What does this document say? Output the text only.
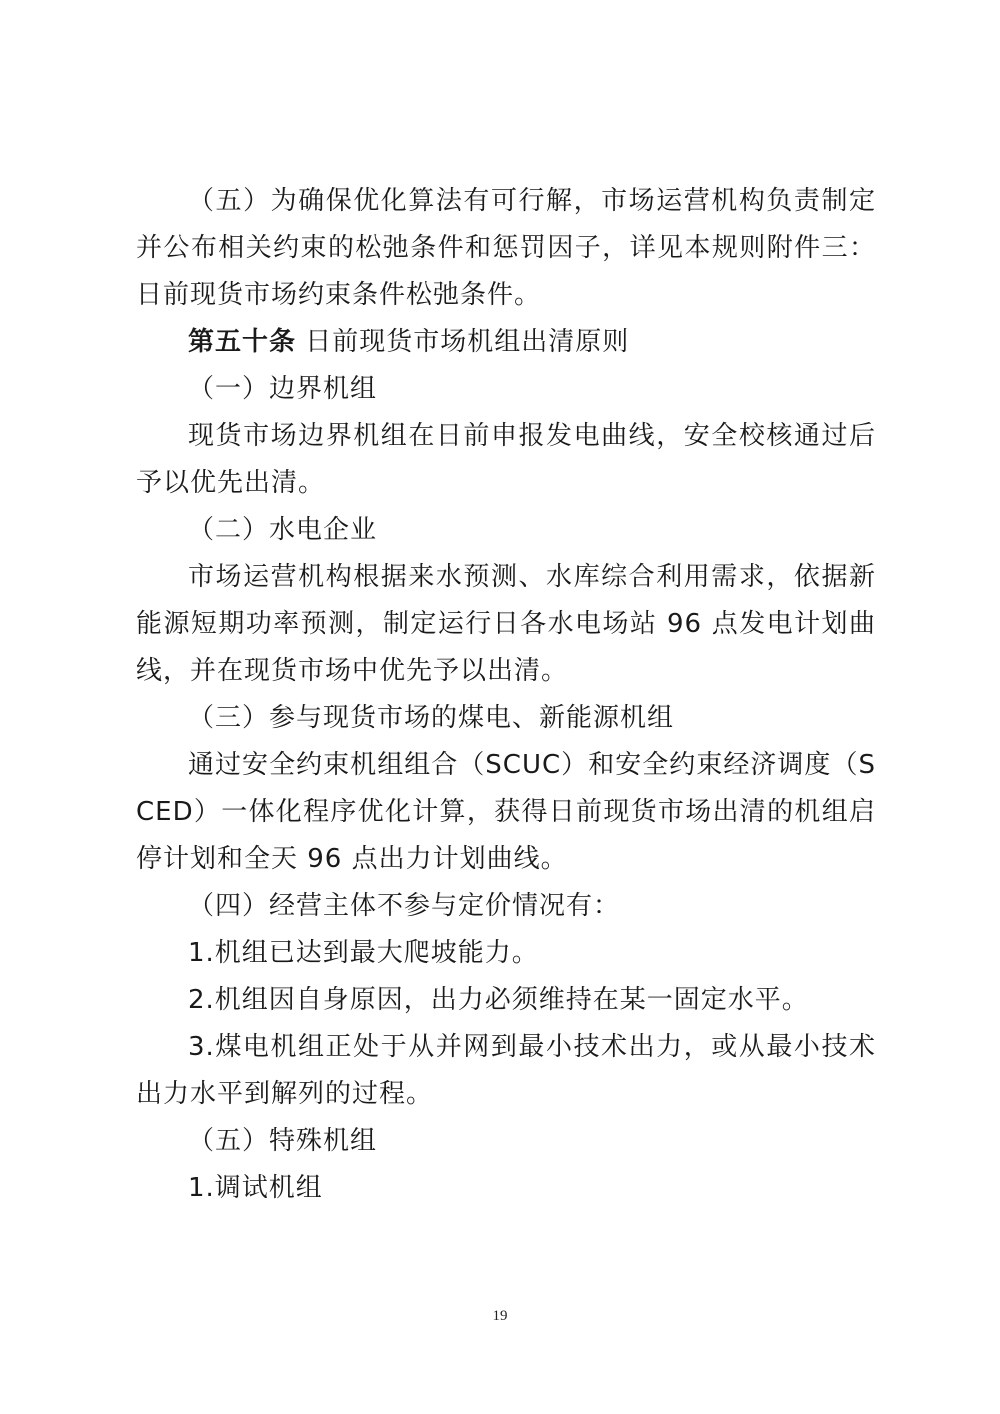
（五）为确保优化算法有可行解，市场运营机构负责制定并公布相关约束的松弛条件和惩罚因子，详见本规则附件三：日前现货市场约束条件松弛条件。

第五十条 日前现货市场机组出清原则

（一）边界机组

现货市场边界机组在日前申报发电曲线，安全校核通过后予以优先出清。

（二）水电企业

市场运营机构根据来水预测、水库综合利用需求，依据新能源短期功率预测，制定运行日各水电场站 96 点发电计划曲线，并在现货市场中优先予以出清。

（三）参与现货市场的煤电、新能源机组

通过安全约束机组组合（SCUC）和安全约束经济调度（SCED）一体化程序优化计算，获得日前现货市场出清的机组启停计划和全天 96 点出力计划曲线。

（四）经营主体不参与定价情况有：

1.机组已达到最大爬坡能力。

2.机组因自身原因，出力必须维持在某一固定水平。

3.煤电机组正处于从并网到最小技术出力，或从最小技术出力水平到解列的过程。

（五）特殊机组

1.调试机组

19
